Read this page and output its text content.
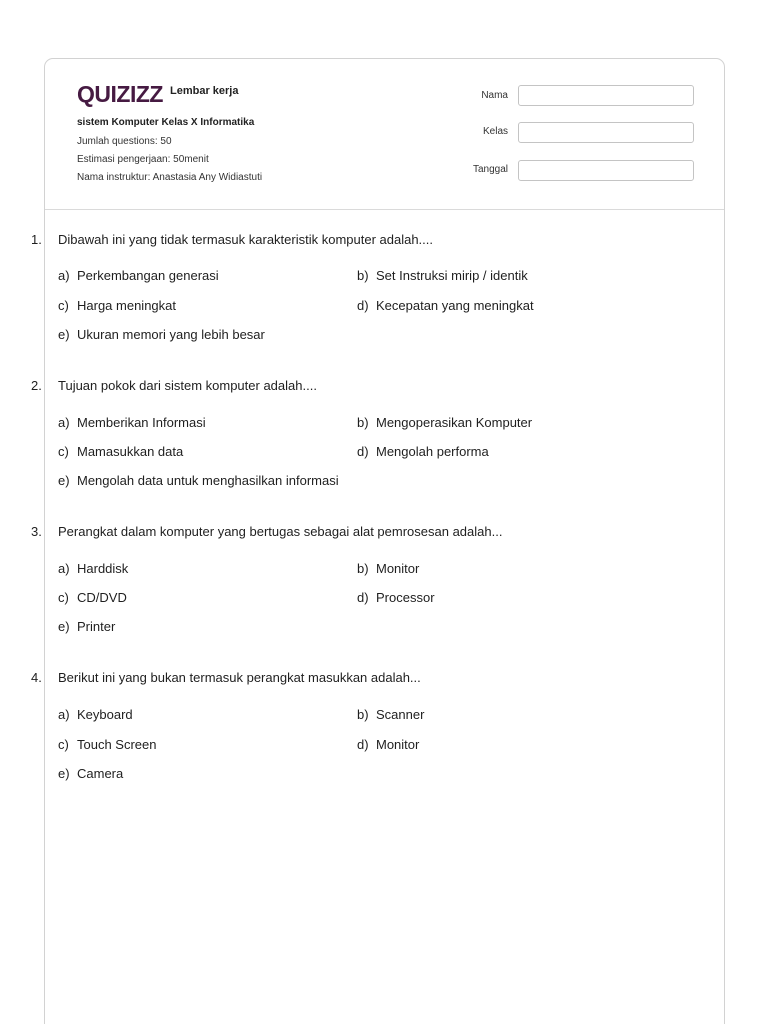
QUIZIZZ Lembar kerja
sistem Komputer Kelas X Informatika
Jumlah questions: 50
Estimasi pengerjaan: 50menit
Nama instruktur: Anastasia Any Widiastuti
Nama
Kelas
Tanggal
1. Dibawah ini yang tidak termasuk karakteristik komputer adalah....
a) Perkembangan generasi	b) Set Instruksi mirip / identik
c) Harga meningkat	d) Kecepatan yang meningkat
e) Ukuran memori yang lebih besar
2. Tujuan pokok dari sistem komputer adalah....
a) Memberikan Informasi	b) Mengoperasikan Komputer
c) Mamasukkan data	d) Mengolah performa
e) Mengolah data untuk menghasilkan informasi
3. Perangkat dalam komputer yang bertugas sebagai alat pemrosesan adalah...
a) Harddisk	b) Monitor
c) CD/DVD	d) Processor
e) Printer
4. Berikut ini yang bukan termasuk perangkat masukkan adalah...
a) Keyboard	b) Scanner
c) Touch Screen	d) Monitor
e) Camera
